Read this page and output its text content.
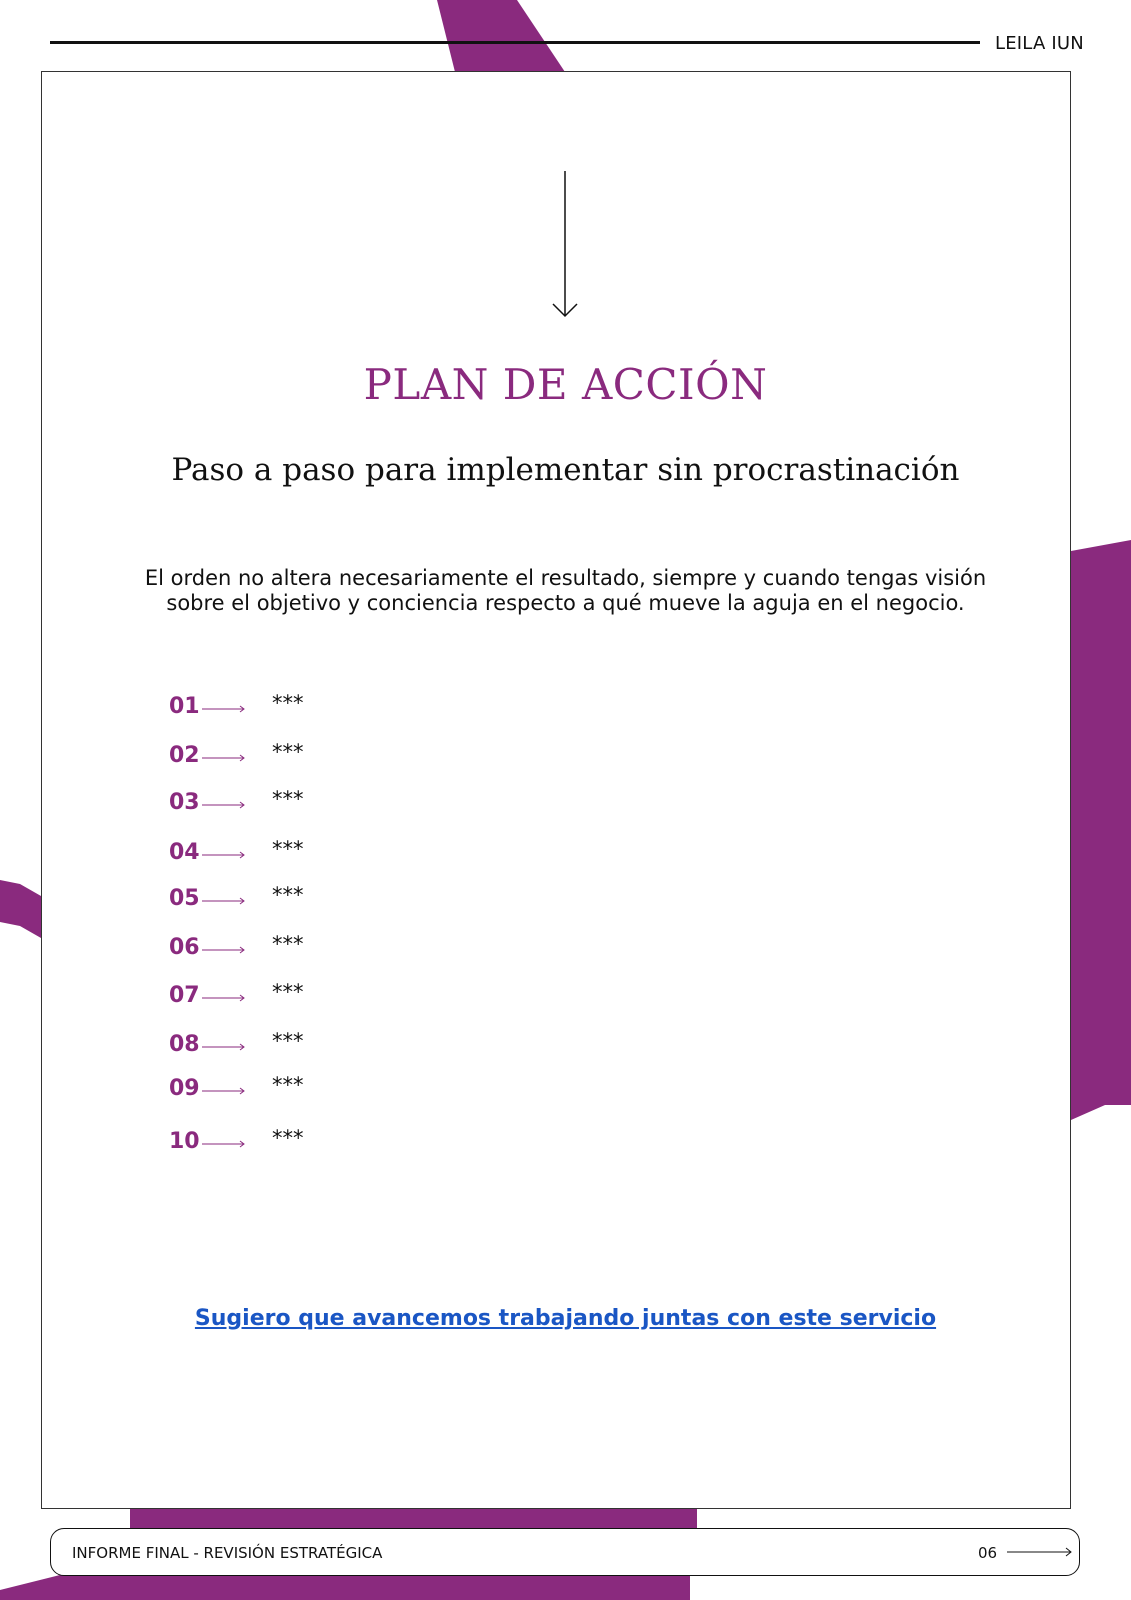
LEILA IUN
PLAN DE ACCIÓN
Paso a paso para implementar sin procrastinación
El orden no altera necesariamente el resultado, siempre y cuando tengas visión
sobre el objetivo y conciencia respecto a qué mueve la aguja en el negocio.
01	***
02	***
03	***
04	***
05	***
06	***
07	***
08	***
09	***
10	***
Sugiero que avancemos trabajando juntas con este servicio
INFORME FINAL - REVISIÓN ESTRATÉGICA	06
